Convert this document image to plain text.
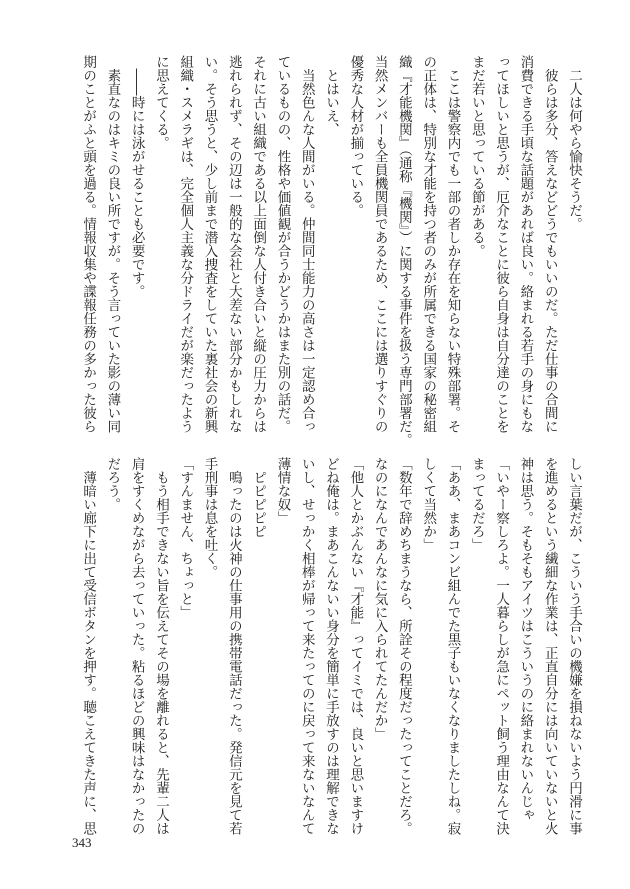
　二人は何やら愉快そうだ。
　彼らは多分、答えなどどうでもいいのだ。ただ仕事の合間に
消費できる手頃な話題があれば良い。絡まれる若手の身にもな
ってほしいと思うが、厄介なことに彼ら自身は自分達のことを
まだ若いと思っている節がある。
　ここは警察内でも一部の者しか存在を知らない特殊部署。そ
の正体は、特別な才能を持つ者のみが所属できる国家の秘密組
織『才能機関』（通称『機関』）に関する事件を扱う専門部署だ。
当然メンバーも全員機関員であるため、ここには選りすぐりの
優秀な人材が揃っている。
　とはいえ、
　当然色んな人間がいる。仲間同士能力の高さは一定認め合っ
ているものの、性格や価値観が合うかどうかはまた別の話だ。
それに古い組織である以上面倒な人付き合いと縦の圧力からは
逃れられず、その辺は一般的な会社と大差ない部分かもしれな
い。そう思うと、少し前まで潜入捜査をしていた裏社会の新興
組織・スメラギは、完全個人主義な分ドライだが楽だったよう
に思えてくる。
　――時には泳がせることも必要です。
　素直なのはキミの良い所ですが。そう言っていた影の薄い同
期のことがふと頭を過る。情報収集や諜報任務の多かった彼ら
しい言葉だが、こういう手合いの機嫌を損ねないよう円滑に事
を進めるという繊細な作業は、正直自分には向いていないと火
神は思う。そもそもアイツはこういうのに絡まれないんじゃ
「いやー察しろよ。一人暮らしが急にペット飼う理由なんて決
まってるだろ」
「ああ、まあコンビ組んでた黒子もいなくなりましたしね。寂
しくて当然か」
「数年で辞めちまうなら、所詮その程度だったってことだろ。
なのになんであんなに気に入られてたんだか」
「他人とかぶんない『才能』ってイミでは、良いと思いますけ
どね俺は。まあこんないい身分を簡単に手放すのは理解できな
いし、せっかく相棒が帰って来たってのに戻って来ないなんて
薄情な奴」
　ピピピピピ
　鳴ったのは火神の仕事用の携帯電話だった。発信元を見て若
手刑事は息を吐く。
「すんません、ちょっと」
　もう相手できない旨を伝えてその場を離れると、先輩二人は
肩をすくめながら去っていった。粘るほどの興味はなかったの
だろう。
　薄暗い廊下に出て受信ボタンを押す。聴こえてきた声に、思
343
